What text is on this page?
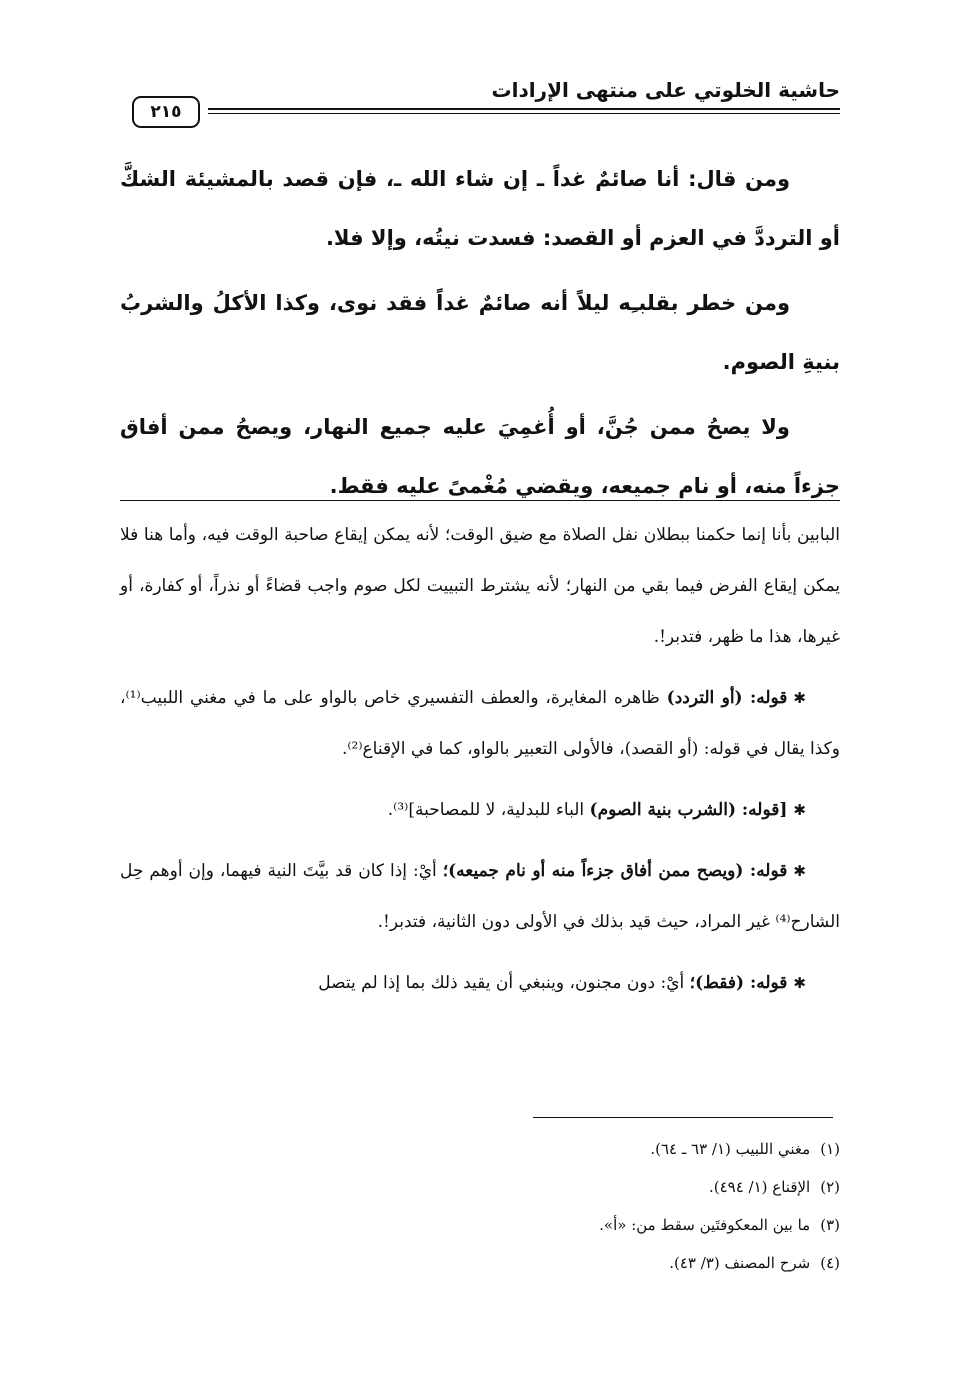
حاشية الخلوتي على منتهى الإرادات
٢١٥

ومن قال: أنا صائمٌ غداً ـ إن شاء الله ـ، فإن قصد بالمشيئة الشكَّ أو الترددَّ في العزم أو القصد: فسدت نيتُه، وإلا فلا.

ومن خطر بقلبـِه ليلاً أنه صائمٌ غداً فقد نوى، وكذا الأكلُ والشربُ بنيةِ الصوم.

ولا يصحُ ممن جُنَّ، أو أُغمِيَ عليه جميع النهار، ويصحُ ممن أفاق جزءاً منه، أو نام جميعه، ويقضي مُغْمىً عليه فقط.

البابين بأنا إنما حكمنا ببطلان نفل الصلاة مع ضيق الوقت؛ لأنه يمكن إيقاع صاحبة الوقت فيه، وأما هنا فلا يمكن إيقاع الفرض فيما بقي من النهار؛ لأنه يشترط التبييت لكل صوم واجب قضاءً أو نذراً، أو كفارة، أو غيرها، هذا ما ظهر، فتدبر!.

✱قوله: (أو التردد) ظاهره المغايرة، والعطف التفسيري خاص بالواو على ما في مغني اللبيب⁽¹⁾، وكذا يقال في قوله: (أو القصد)، فالأولى التعبير بالواو، كما في الإقناع⁽²⁾.

✱[قوله: (الشرب بنية الصوم) الباء للبدلية، لا للمصاحبة]⁽³⁾.

✱قوله: (ويصح ممن أفاق جزءاً منه أو نام جميعه)؛ أيْ: إذا كان قد بيَّتَ النية فيهما، وإن أوهم حِل الشارح⁽⁴⁾ غير المراد، حيث قيد بذلك في الأولى دون الثانية، فتدبر!.

✱قوله: (فقط)؛ أيْ: دون مجنون، وينبغي أن يقيد ذلك بما إذا لم يتصل

(١)مغني اللبيب (١/ ٦٣ ـ ٦٤).
(٢)الإقناع (١/ ٤٩٤).
(٣)ما بين المعكوفتَين سقط من: «أ».
(٤)شرح المصنف (٣/ ٤٣).
